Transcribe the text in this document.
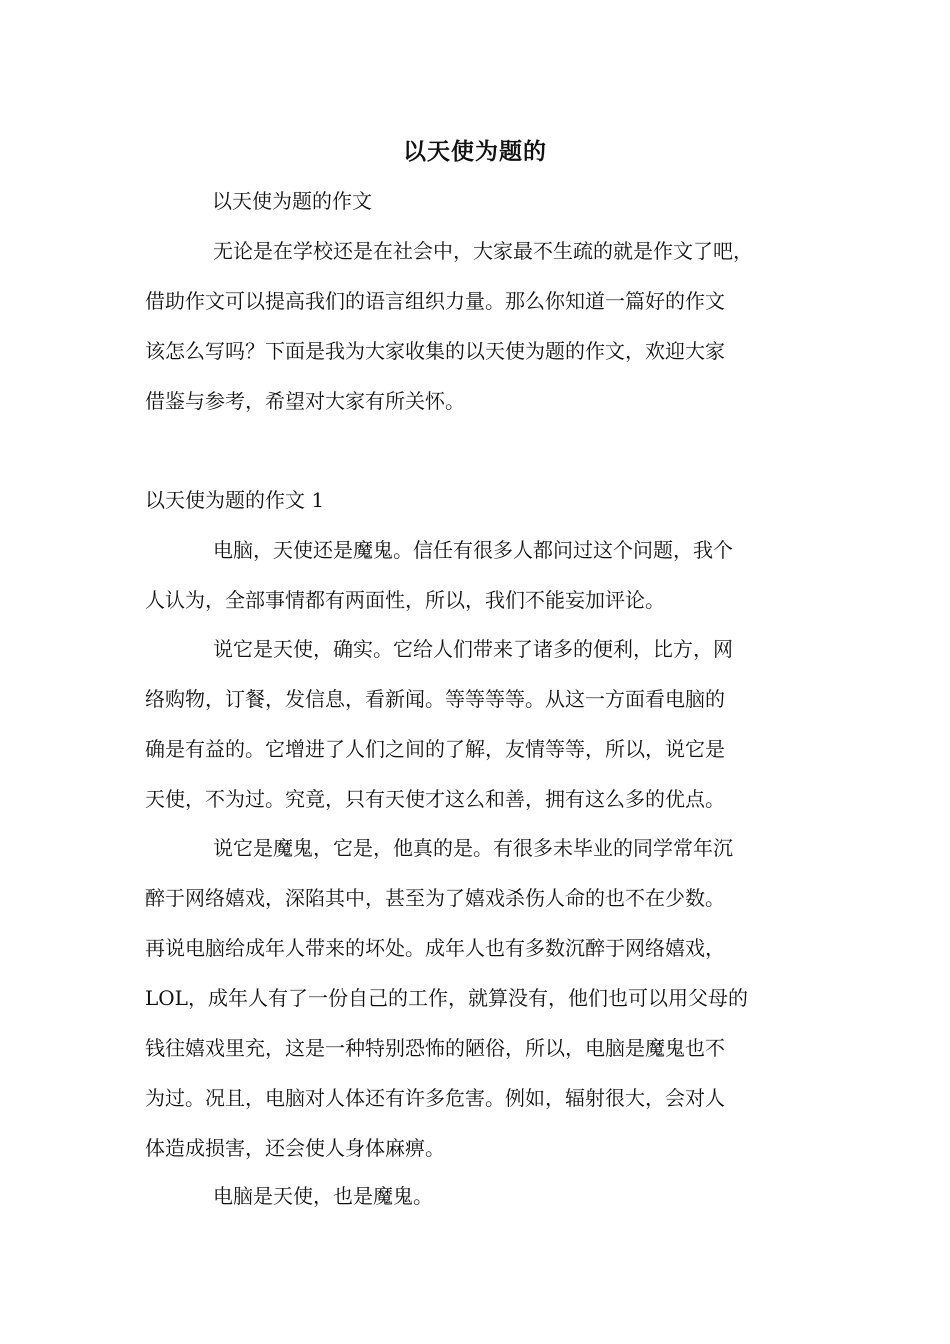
以天使为题的
以天使为题的作文
无论是在学校还是在社会中，大家最不生疏的就是作文了吧，
借助作文可以提高我们的语言组织力量。那么你知道一篇好的作文
该怎么写吗？下面是我为大家收集的以天使为题的作文，欢迎大家
借鉴与参考，希望对大家有所关怀。
以天使为题的作文 1
电脑，天使还是魔鬼。信任有很多人都问过这个问题，我个
人认为，全部事情都有两面性，所以，我们不能妄加评论。
说它是天使，确实。它给人们带来了诸多的便利，比方，网
络购物，订餐，发信息，看新闻。等等等等。从这一方面看电脑的
确是有益的。它增进了人们之间的了解，友情等等，所以，说它是
天使，不为过。究竟，只有天使才这么和善，拥有这么多的优点。
说它是魔鬼，它是，他真的是。有很多未毕业的同学常年沉
醉于网络嬉戏，深陷其中，甚至为了嬉戏杀伤人命的也不在少数。
再说电脑给成年人带来的坏处。成年人也有多数沉醉于网络嬉戏，
LOL，成年人有了一份自己的工作，就算没有，他们也可以用父母的
钱往嬉戏里充，这是一种特别恐怖的陋俗，所以，电脑是魔鬼也不
为过。况且，电脑对人体还有许多危害。例如，辐射很大，会对人
体造成损害，还会使人身体麻痹。
电脑是天使，也是魔鬼。
